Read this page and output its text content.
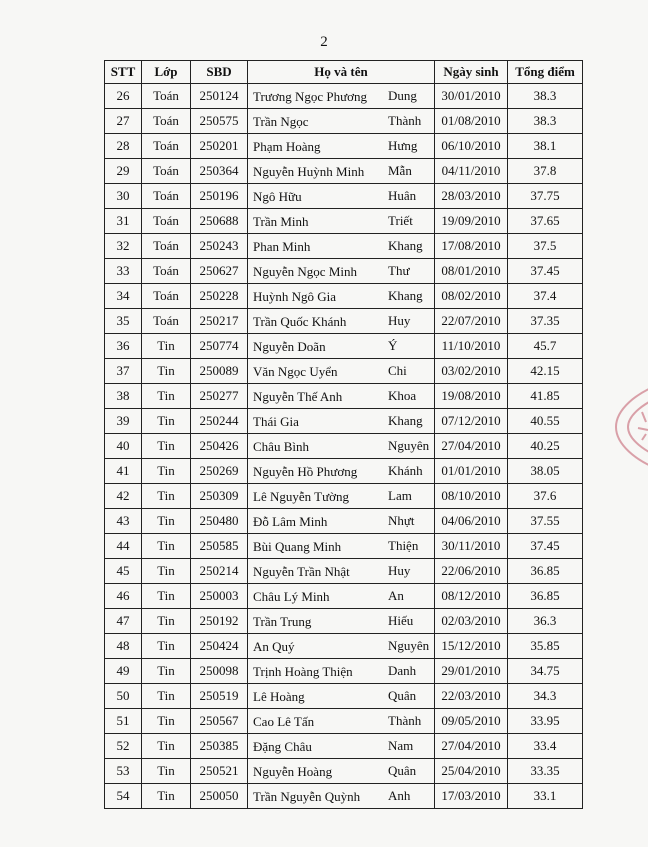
2
STT	Lớp	SBD	Họ và tên	Ngày sinh	Tổng điểm
26	Toán	250124	Trương Ngọc Phương Dung	30/01/2010	38.3
27	Toán	250575	Trần Ngọc Thành	01/08/2010	38.3
28	Toán	250201	Phạm Hoàng Hưng	06/10/2010	38.1
29	Toán	250364	Nguyễn Huỳnh Minh Mẫn	04/11/2010	37.8
30	Toán	250196	Ngô Hữu Huân	28/03/2010	37.75
31	Toán	250688	Trần Minh Triết	19/09/2010	37.65
32	Toán	250243	Phan Minh Khang	17/08/2010	37.5
33	Toán	250627	Nguyễn Ngọc Minh Thư	08/01/2010	37.45
34	Toán	250228	Huỳnh Ngô Gia Khang	08/02/2010	37.4
35	Toán	250217	Trần Quốc Khánh Huy	22/07/2010	37.35
36	Tin	250774	Nguyễn Doãn Ý	11/10/2010	45.7
37	Tin	250089	Văn Ngọc Uyển Chi	03/02/2010	42.15
38	Tin	250277	Nguyễn Thế Anh Khoa	19/08/2010	41.85
39	Tin	250244	Thái Gia Khang	07/12/2010	40.55
40	Tin	250426	Châu Bình Nguyên	27/04/2010	40.25
41	Tin	250269	Nguyễn Hồ Phương Khánh	01/01/2010	38.05
42	Tin	250309	Lê Nguyễn Tường Lam	08/10/2010	37.6
43	Tin	250480	Đỗ Lâm Minh Nhựt	04/06/2010	37.55
44	Tin	250585	Bùi Quang Minh Thiện	30/11/2010	37.45
45	Tin	250214	Nguyễn Trần Nhật Huy	22/06/2010	36.85
46	Tin	250003	Châu Lý Minh An	08/12/2010	36.85
47	Tin	250192	Trần Trung Hiếu	02/03/2010	36.3
48	Tin	250424	An Quý Nguyên	15/12/2010	35.85
49	Tin	250098	Trịnh Hoàng Thiện Danh	29/01/2010	34.75
50	Tin	250519	Lê Hoàng Quân	22/03/2010	34.3
51	Tin	250567	Cao Lê Tấn Thành	09/05/2010	33.95
52	Tin	250385	Đặng Châu Nam	27/04/2010	33.4
53	Tin	250521	Nguyễn Hoàng Quân	25/04/2010	33.35
54	Tin	250050	Trần Nguyễn Quỳnh Anh	17/03/2010	33.1
